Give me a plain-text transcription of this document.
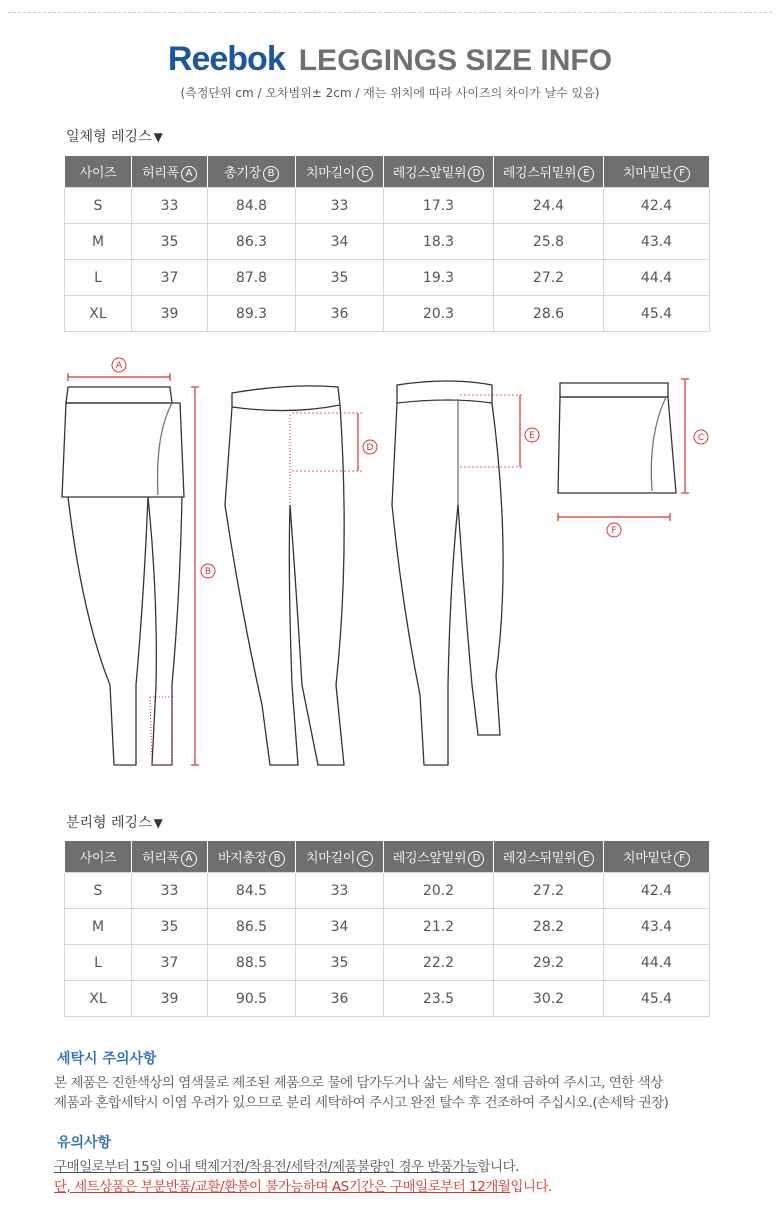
Reebok LEGGINGS SIZE INFO
(측정단위 cm / 오차범위± 2cm / 재는 위치에 따라 사이즈의 차이가 날수 있음)
일체형 레깅스 ▼
사이즈	허리폭 A	총기장 B	치마길이 C	레깅스앞밑위 D	레깅스뒤밑위 E	치마밑단 F
S	33	84.8	33	17.3	24.4	42.4
M	35	86.3	34	18.3	25.8	43.4
L	37	87.8	35	19.3	27.2	44.4
XL	39	89.3	36	20.3	28.6	45.4
A
B
D
E	C
F
분리형 레깅스 ▼
사이즈	허리폭 A	바지총장 B	치마길이 C	레깅스앞밑위 D	레깅스뒤밑위 E	치마밑단 F
S	33	84.5	33	20.2	27.2	42.4
M	35	86.5	34	21.2	28.2	43.4
L	37	88.5	35	22.2	29.2	44.4
XL	39	90.5	36	23.5	30.2	45.4
세탁시 주의사항
본 제품은 진한색상의 염색물로 제조된 제품으로 물에 담가두거나 삶는 세탁은 절대 금하여 주시고, 연한 색상
제품과 혼합세탁시 이염 우려가 있으므로 분리 세탁하여 주시고 완전 탈수 후 건조하여 주십시오.(손세탁 권장)
유의사항
구매일로부터 15일 이내 택제거전/착용전/세탁전/제품불량인 경우 반품가능합니다.
단, 세트상품은 부분반품/교환/환불이 불가능하며 AS기간은 구매일로부터 12개월입니다.
